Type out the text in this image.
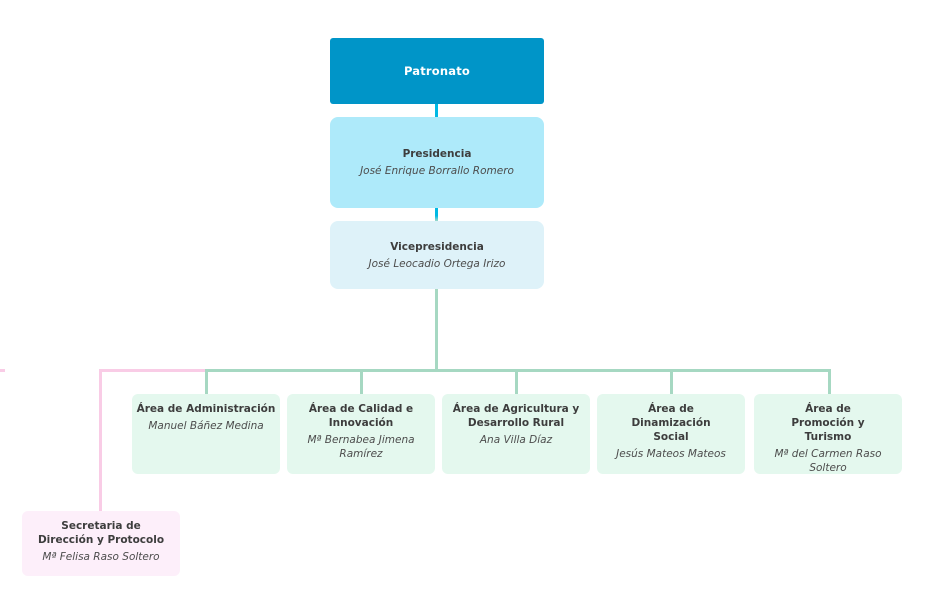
Patronato
Presidencia
José Enrique Borrallo Romero
Vicepresidencia
José Leocadio Ortega Irizo
Área de Administración
Manuel Báñez Medina
Área de Calidad e Innovación
Mª Bernabea Jimena Ramírez
Área de Agricultura y Desarrollo Rural
Ana Villa Díaz
Área de Dinamización Social
Jesús Mateos Mateos
Área de Promoción y Turismo
Mª del Carmen Raso Soltero
Secretaria de Dirección y Protocolo
Mª Felisa Raso Soltero
